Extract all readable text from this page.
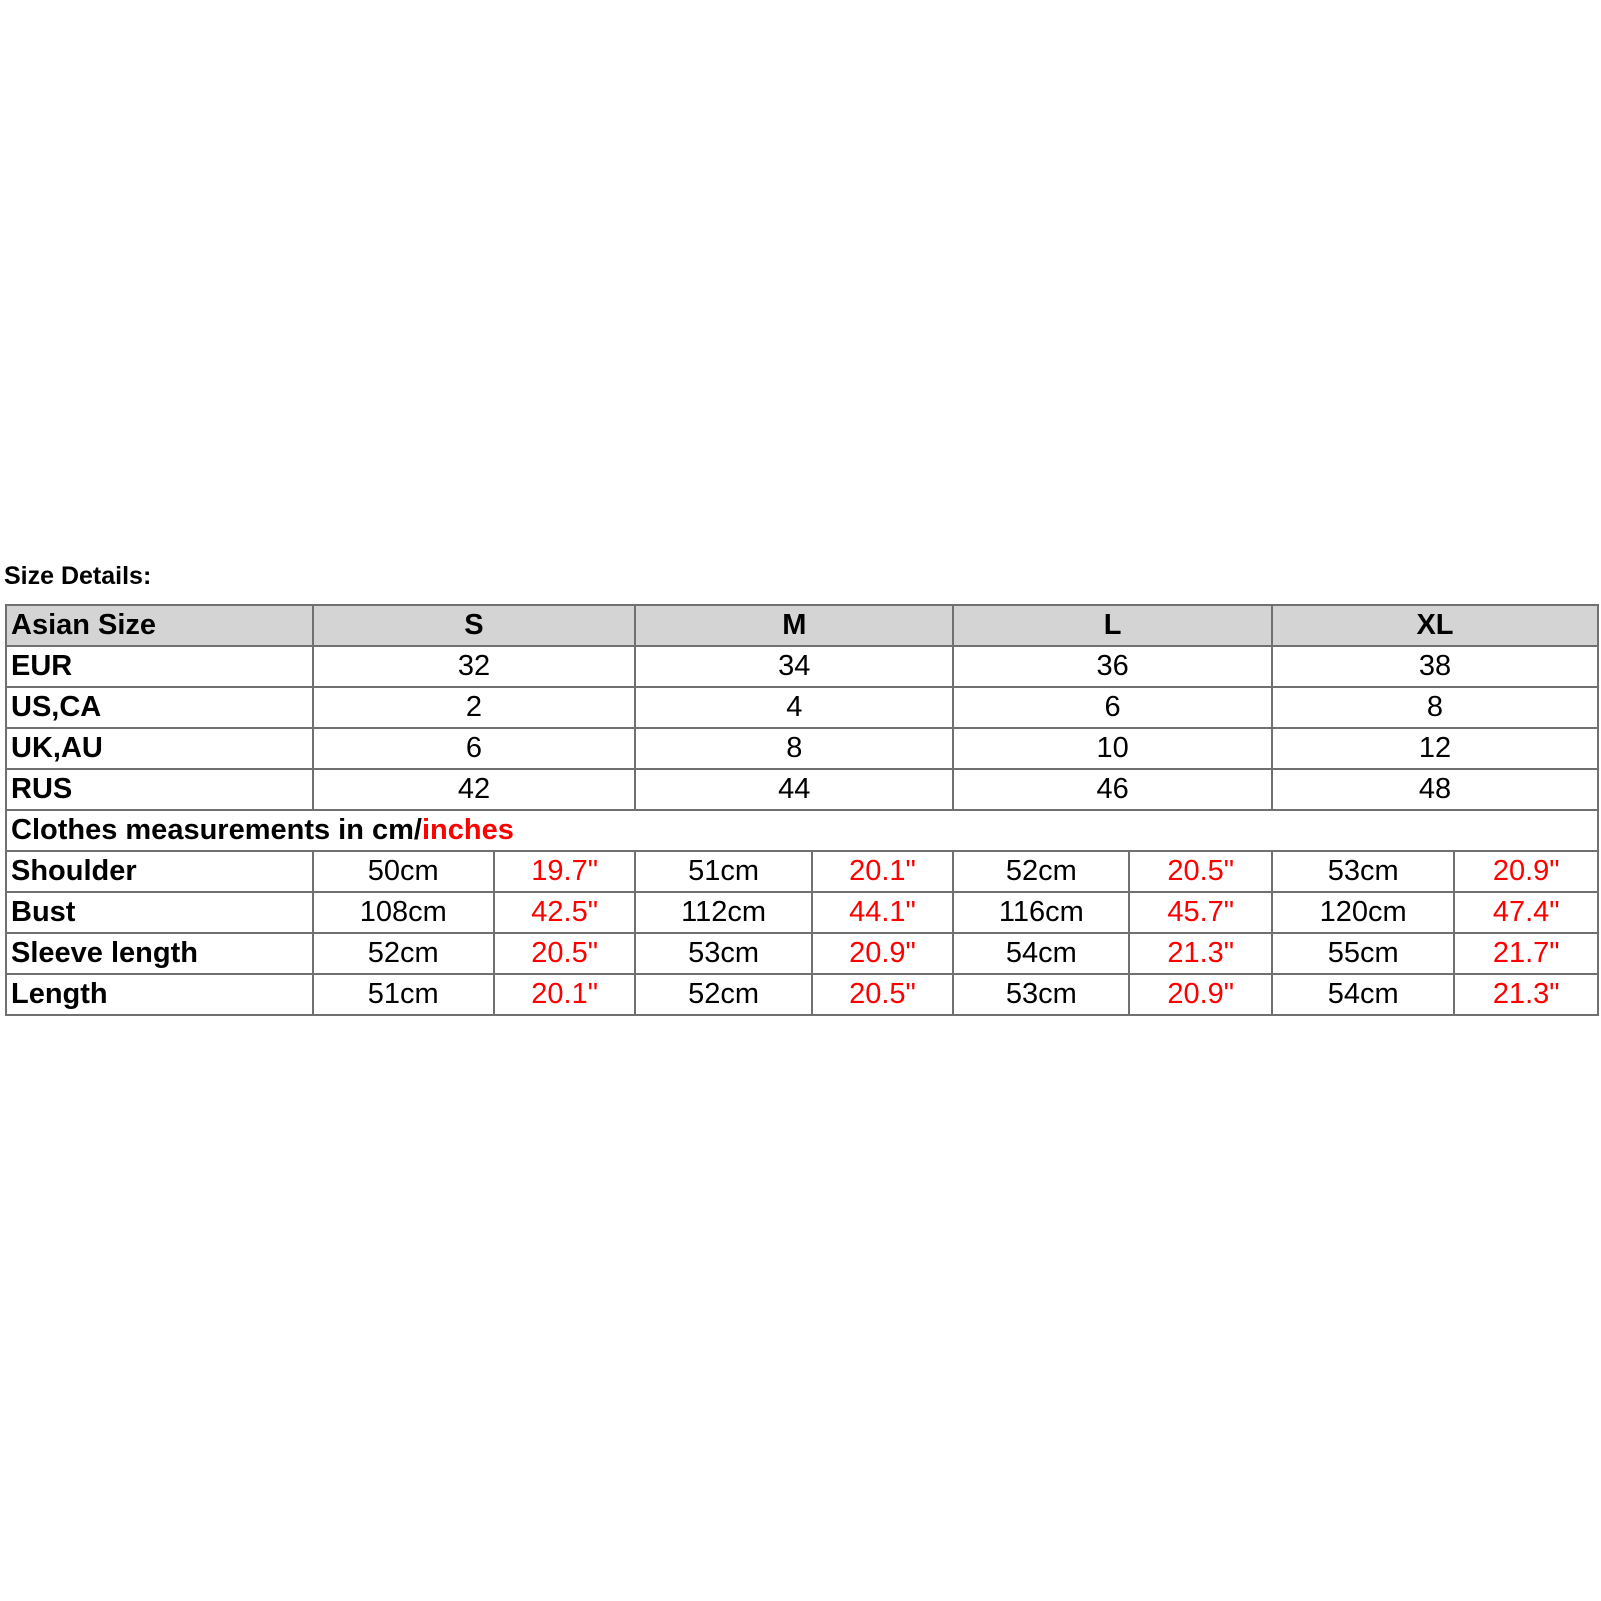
Size Details:
Asian Size	S		M		L		XL	
EUR	32		34		36		38	
US,CA	2		4		6		8	
UK,AU	6		8		10		12	
RUS	42		44		46		48	
Clothes measurements in cm/inches								
Shoulder	50cm	19.7"	51cm	20.1"	52cm	20.5"	53cm	20.9"
Bust	108cm	42.5"	112cm	44.1"	116cm	45.7"	120cm	47.4"
Sleeve length	52cm	20.5"	53cm	20.9"	54cm	21.3"	55cm	21.7"
Length	51cm	20.1"	52cm	20.5"	53cm	20.9"	54cm	21.3"
